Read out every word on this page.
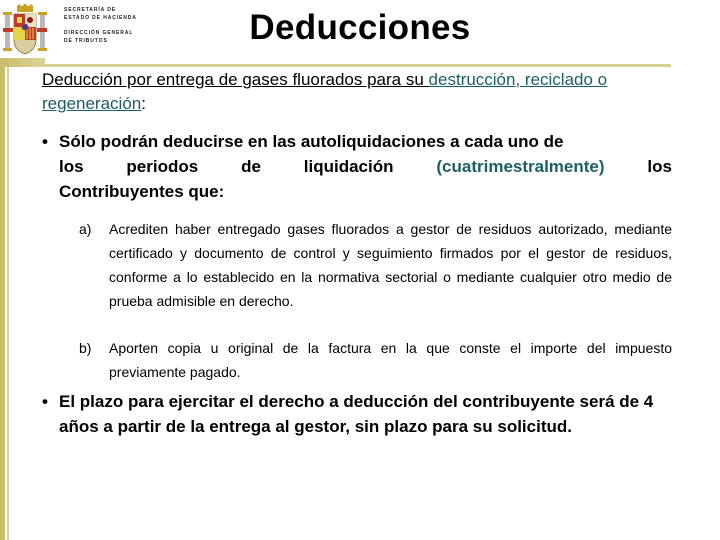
SECRETARÍA DE
ESTADO DE HACIENDA
DIRECCIÓN GENERAL
DE TRIBUTOS	Deducciones
Deducción por entrega de gases fluorados para su destrucción, reciclado o regeneración:
• Sólo podrán deducirse en las autoliquidaciones a cada uno de
los	periodos	de	liquidación	(cuatrimestralmente)	los
Contribuyentes que:
a) Acrediten haber entregado gases fluorados a gestor de residuos autorizado, mediante certificado y documento de control y seguimiento firmados por el gestor de residuos, conforme a lo establecido en la normativa sectorial o mediante cualquier otro medio de prueba admisible en derecho.
b) Aporten copia u original de la factura en la que conste el importe del impuesto previamente pagado.
• El plazo para ejercitar el derecho a deducción del contribuyente será de 4 años a partir de la entrega al gestor, sin plazo para su solicitud.
